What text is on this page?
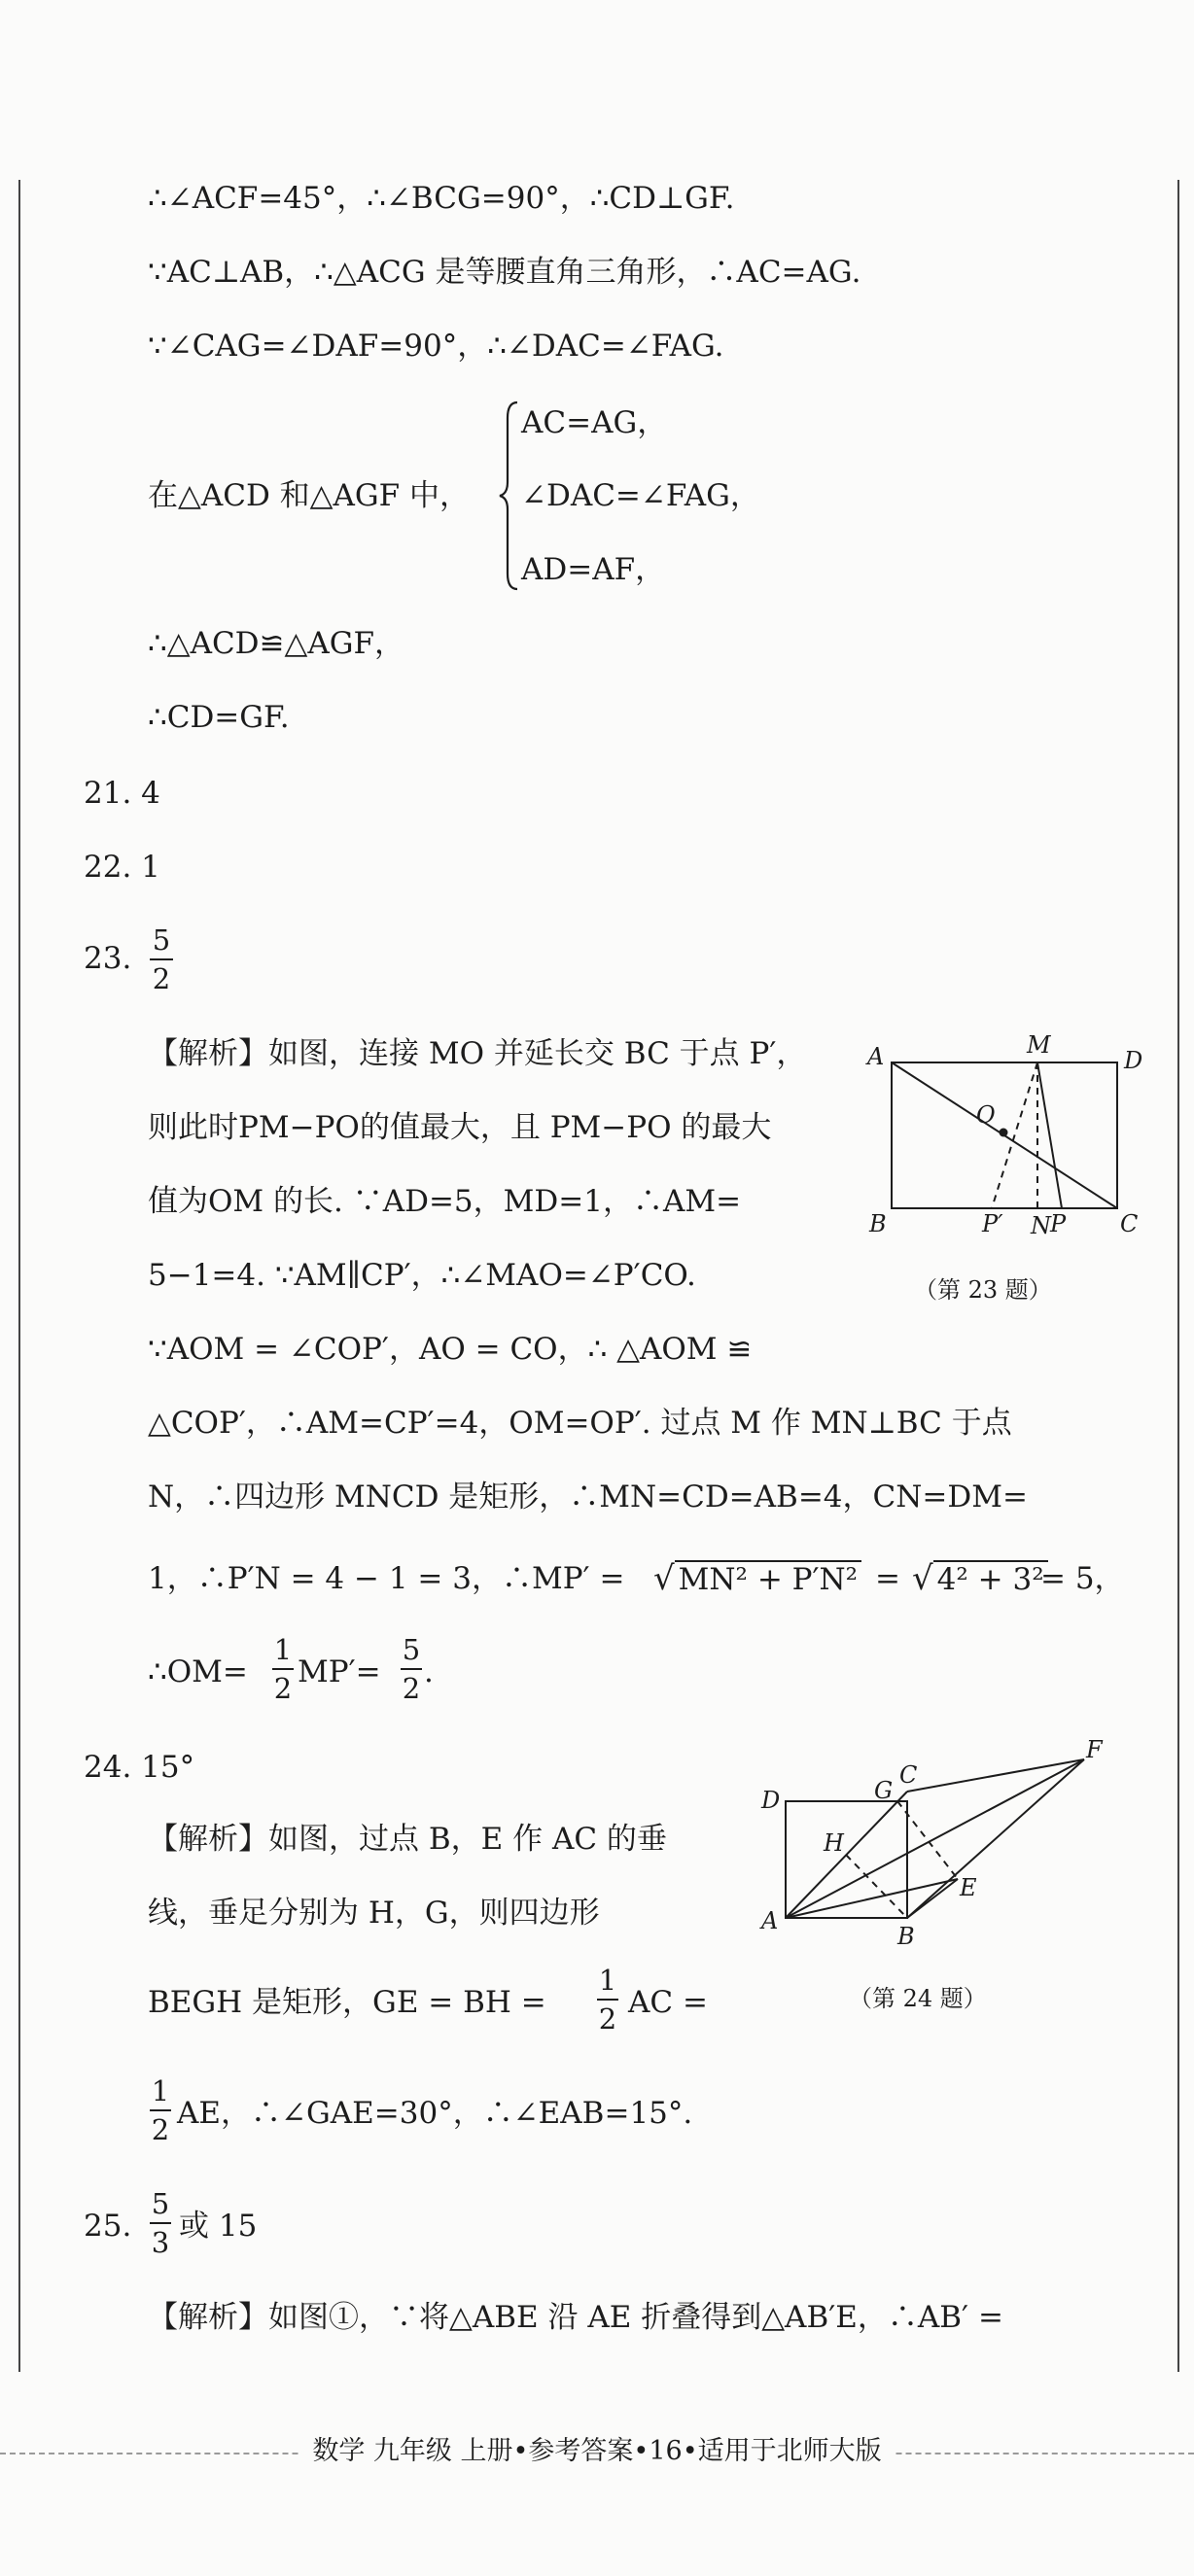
∴∠ACF=45°，∴∠BCG=90°，∴CD⊥GF.
∵AC⊥AB，∴△ACG 是等腰直角三角形，∴AC=AG.
∵∠CAG=∠DAF=90°，∴∠DAC=∠FAG.
AC=AG，
在△ACD 和△AGF 中， ∠DAC=∠FAG，
AD=AF，
∴△ACD≌△AGF，
∴CD=GF.
21. 4
22. 1
23.
5
2
【解析】如图，连接 MO 并延长交 BC 于点 P′，
则此时PM−PO的值最大，且 PM−PO 的最大
值为OM 的长. ∵AD=5，MD=1，∴AM=
5−1=4. ∵AM∥CP′，∴∠MAO=∠P′CO.
∵AOM = ∠COP′，AO = CO，∴ △AOM ≌
△COP′，∴AM=CP′=4，OM=OP′. 过点 M 作 MN⊥BC 于点
N，∴四边形 MNCD 是矩形，∴MN=CD=AB=4，CN=DM=
1，∴P′N = 4 − 1 = 3，∴MP′ = √ MN² + P′N² = √ 4² + 3²
= 5，
∴OM=
1
2 MP′=
5
2 .
A	M
D
O
B	P′ P
N	C
（第 23 题）
24. 15°
【解析】如图，过点 B，E 作 AC 的垂
线，垂足分别为 H，G，则四边形
BEGH 是矩形，GE = BH =
1
2 AC =
1
2 AE，∴∠GAE=30°，∴∠EAB=15°.
D	G
C
F
H
E
A
B
（第 24 题）
25.
5
3 或 15
【解析】如图①，∵将△ABE 沿 AE 折叠得到△AB′E，∴AB′ =
数学 九年级 上册•参考答案•16•适用于北师大版
